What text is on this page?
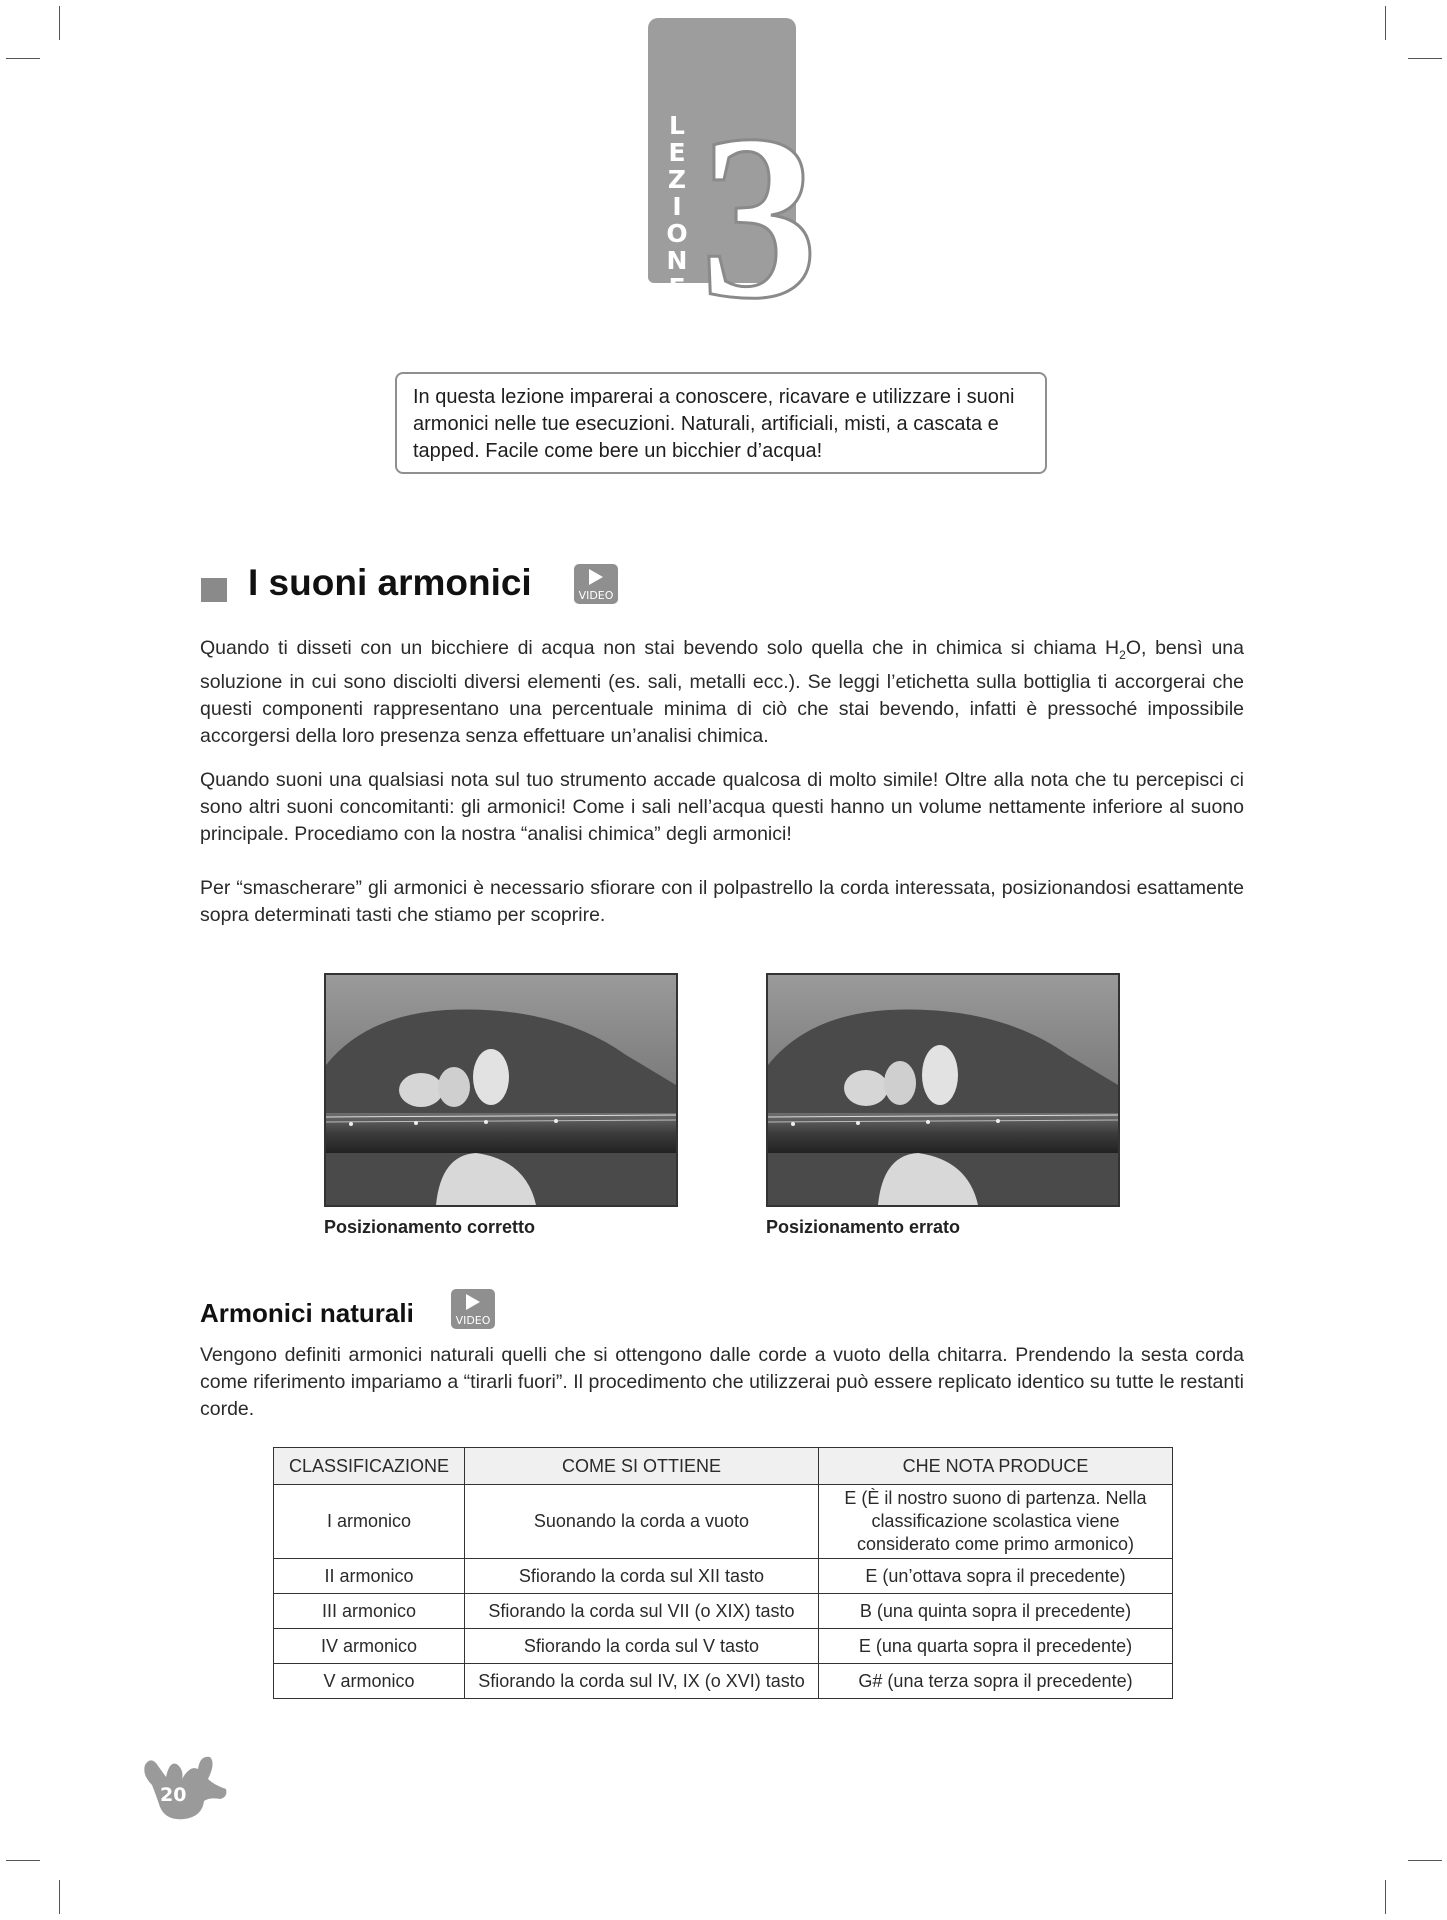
L
E
Z
I
O
N
E 3
In questa lezione imparerai a conoscere, ricavare e utilizzare i suoni
armonici nelle tue esecuzioni. Naturali, artificiali, misti, a cascata e
tapped. Facile come bere un bicchier d’acqua!
I suoni armonici	VIDEO
Quando ti disseti con un bicchiere di acqua non stai bevendo solo quella che in chimica si chiama $H_2O$, bensì una soluzione in cui sono disciolti diversi elementi (es. sali, metalli ecc.). Se leggi l’etichetta sulla bottiglia ti accorgerai che questi componenti rappresentano una percentuale minima di ciò che stai bevendo, infatti è pressoché impossibile accorgersi della loro presenza senza effettuare un’analisi chimica.
Quando suoni una qualsiasi nota sul tuo strumento accade qualcosa di molto simile! Oltre alla nota che tu percepisci ci sono altri suoni concomitanti: gli armonici! Come i sali nell’acqua questi hanno un volume nettamente inferiore al suono principale. Procediamo con la nostra “analisi chimica” degli armonici!
Per “smascherare” gli armonici è necessario sfiorare con il polpastrello la corda interessata, posizionandosi esattamente sopra determinati tasti che stiamo per scoprire.
Posizionamento corretto	Posizionamento errato
Armonici naturali	VIDEO
Vengono definiti armonici naturali quelli che si ottengono dalle corde a vuoto della chitarra. Prendendo la sesta corda come riferimento impariamo a “tirarli fuori”. Il procedimento che utilizzerai può essere replicato identico su tutte le restanti corde.
CLASSIFICAZIONE	COME SI OTTIENE	CHE NOTA PRODUCE
I armonico	Suonando la corda a vuoto	E (È il nostro suono di partenza. Nella classificazione scolastica viene considerato come primo armonico)
II armonico	Sfiorando la corda sul XII tasto	E (un’ottava sopra il precedente)
III armonico	Sfiorando la corda sul VII (o XIX) tasto	B (una quinta sopra il precedente)
IV armonico	Sfiorando la corda sul V tasto	E (una quarta sopra il precedente)
V armonico	Sfiorando la corda sul IV, IX (o XVI) tasto	G# (una terza sopra il precedente)
20
